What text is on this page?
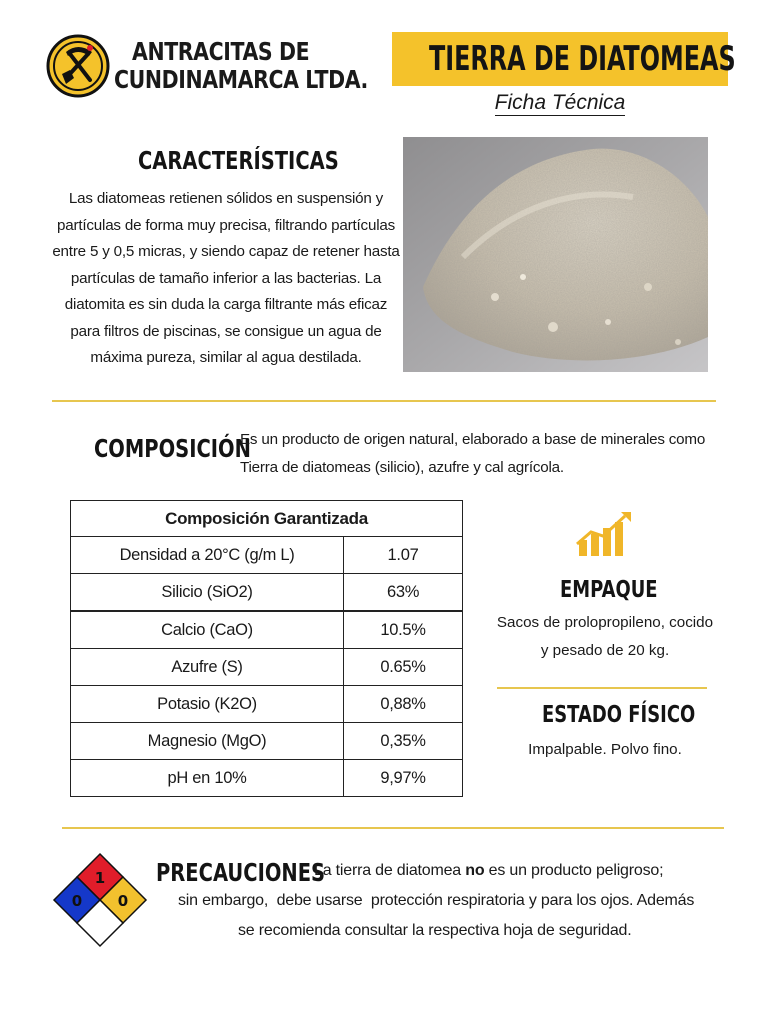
ANTRACITAS DE
CUNDINAMARCA LTDA.
TIERRA DE DIATOMEAS
Ficha Técnica
CARACTERÍSTICAS
Las diatomeas retienen sólidos en suspensión y
partículas de forma muy precisa, filtrando partículas
entre 5 y 0,5 micras, y siendo capaz de retener hasta
partículas de tamaño inferior a las bacterias. La
diatomita es sin duda la carga filtrante más eficaz
para filtros de piscinas, se consigue un agua de
máxima pureza, similar al agua destilada.
COMPOSICIÓN
Es un producto de origen natural, elaborado a base de minerales como
Tierra de diatomeas (silicio), azufre y cal agrícola.
Composición Garantizada	
Densidad a 20°C (g/m L)	1.07
Silicio (SiO2)	63%
Calcio (CaO)	10.5%
Azufre (S)	0.65%
Potasio (K2O)	0,88%
Magnesio (MgO)	0,35%
pH en 10%	9,97%
EMPAQUE
Sacos de prolopropileno, cocido
y pesado de 20 kg.
ESTADO FÍSICO
Impalpable. Polvo fino.
1
0 0
PRECAUCIONES
La tierra de diatomea no es un producto peligroso;
sin embargo,  debe usarse  protección respiratoria y para los ojos. Además
se recomienda consultar la respectiva hoja de seguridad.
